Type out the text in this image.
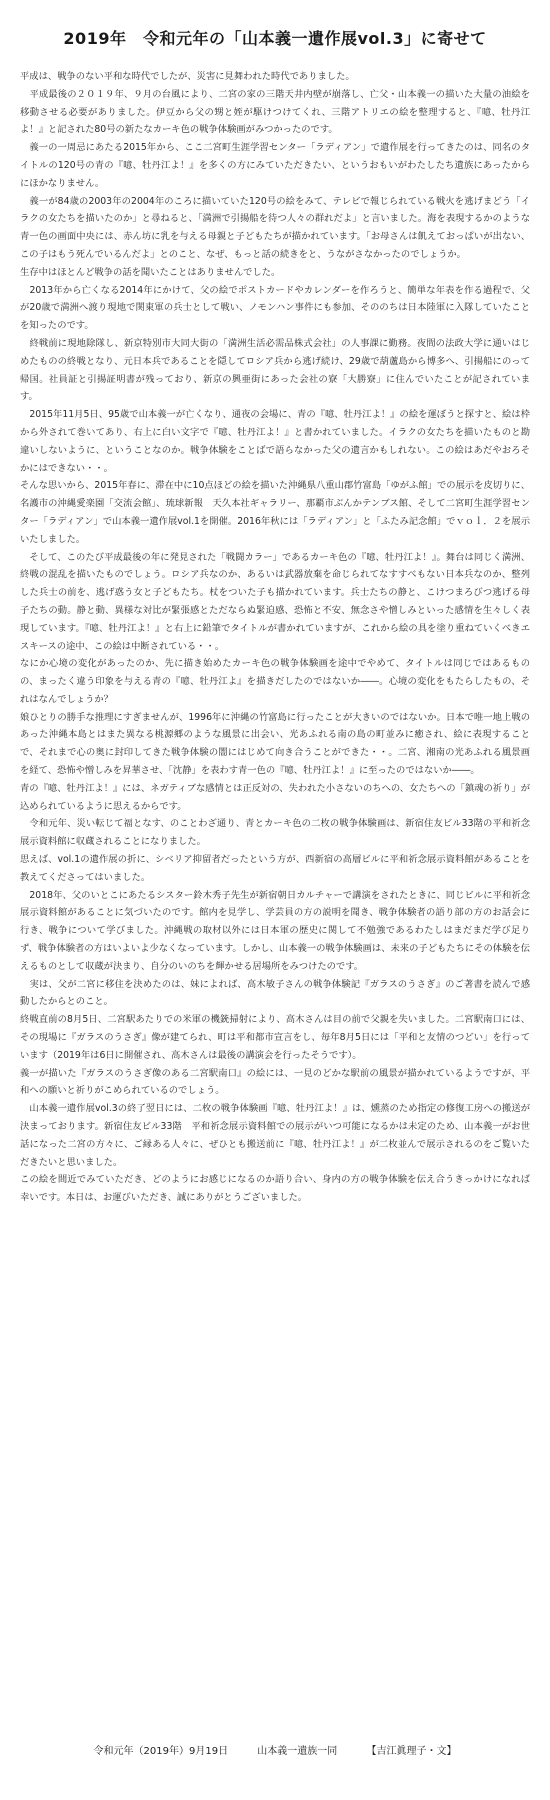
2019年　令和元年の「山本義一遺作展vol.3」に寄せて

平成は、戦争のない平和な時代でしたが、災害に見舞われた時代でありました。

　平成最後の２０１９年、９月の台風により、二宮の家の三階天井内壁が崩落し、亡父・山本義一の描いた大量の油絵を移動させる必要がありました。伊豆から父の甥と姪が駆けつけてくれ、三階アトリエの絵を整理すると、『噫、牡丹江よ！』と記された80号の新たなカーキ色の戦争体験画がみつかったのです。

　義一の一周忌にあたる2015年から、ここ二宮町生涯学習センター「ラディアン」で遺作展を行ってきたのは、同名のタイトルの120号の青の『噫、牡丹江よ！』を多くの方にみていただきたい、というおもいがわたしたち遺族にあったからにほかなりません。

　義一が84歳の2003年の2004年のころに描いていた120号の絵をみて、テレビで報じられている戦火を逃げまどう「イラクの女たちを描いたのか」と尋ねると、「満洲で引揚船を待つ人々の群れだよ」と言いました。海を表現するかのような青一色の画面中央には、赤ん坊に乳を与える母親と子どもたちが描かれています。「お母さんは飢えておっぱいが出ない、この子はもう死んでいるんだよ」とのこと、なぜ、もっと話の続きをと、うながさなかったのでしょうか。

生存中はほとんど戦争の話を聞いたことはありませんでした。

　2013年から亡くなる2014年にかけて、父の絵でポストカードやカレンダーを作ろうと、簡単な年表を作る過程で、父が20歳で満洲へ渡り現地で関東軍の兵士として戦い、ノモンハン事件にも参加、そののちは日本陸軍に入隊していたことを知ったのです。

　終戦前に現地除隊し、新京特別市大同大街の「満洲生活必需品株式会社」の人事課に勤務。夜間の法政大学に通いはじめたものの終戦となり、元日本兵であることを隠してロシア兵から逃げ続け、29歳で葫蘆島から博多へ、引揚船にのって帰国。社員証と引揚証明書が残っており、新京の興亜街にあった会社の寮「大勝寮」に住んでいたことが記されています。

　2015年11月5日、95歳で山本義一が亡くなり、通夜の会場に、青の『噫、牡丹江よ！』の絵を運ぼうと探すと、絵は枠から外されて巻いてあり、右上に白い文字で『噫、牡丹江よ！』と書かれていました。イラクの女たちを描いたものと勘違いしないように、ということなのか。戦争体験をことばで語らなかった父の遺言かもしれない。この絵はあだやおろそかにはできない・・。

そんな思いから、2015年春に、滞在中に10点ほどの絵を描いた沖縄県八重山郡竹富島「ゆがふ館」での展示を皮切りに、名護市の沖縄愛楽園「交流会館」、琉球新報　天久本社ギャラリー、那覇市ぶんかテンブス館、そして二宮町生涯学習センター「ラディアン」で山本義一遺作展vol.1を開催。2016年秋には「ラディアン」と「ふたみ記念館」でｖｏｌ．２を展示いたしました。

　そして、このたび平成最後の年に発見された「戦闘カラー」であるカーキ色の『噫、牡丹江よ！』。舞台は同じく満洲、終戦の混乱を描いたものでしょう。ロシア兵なのか、あるいは武器放棄を命じられてなすすべもない日本兵なのか、整列した兵士の前を、逃げ惑う女と子どもたち。杖をついた子も描かれています。兵士たちの静と、こけつまろびつ逃げる母子たちの動。静と動、異様な対比が緊張感とただならぬ緊迫感、恐怖と不安、無念さや憎しみといった感情を生々しく表現しています。『噫、牡丹江よ！』と右上に鉛筆でタイトルが書かれていますが、これから絵の具を塗り重ねていくべきエスキースの途中、この絵は中断されている・・。

なにか心境の変化があったのか、先に描き始めたカーキ色の戦争体験画を途中でやめて、タイトルは同じではあるものの、まったく違う印象を与える青の『噫、牡丹江よ』を描きだしたのではないか――。心境の変化をもたらしたもの、それはなんでしょうか？

娘ひとりの勝手な推理にすぎませんが、1996年に沖縄の竹富島に行ったことが大きいのではないか。日本で唯一地上戦のあった沖縄本島とはまた異なる桃源郷のような風景に出会い、光あふれる南の島の町並みに癒され、絵に表現することで、それまで心の奥に封印してきた戦争体験の闇にはじめて向き合うことができた・・。二宮、湘南の光あふれる風景画を経て、恐怖や憎しみを昇華させ、「沈静」を表わす青一色の『噫、牡丹江よ！』に至ったのではないか――。

青の『噫、牡丹江よ！』には、ネガティブな感情とは正反対の、失われた小さないのちへの、女たちへの「鎮魂の祈り」が込められているように思えるからです。

　令和元年、災い転じて福となす、のことわざ通り、青とカーキ色の二枚の戦争体験画は、新宿住友ビル33階の平和祈念展示資料館に収蔵されることになりました。

思えば、vol.1の遺作展の折に、シベリア抑留者だったという方が、西新宿の高層ビルに平和祈念展示資料館があることを教えてくださってはいました。

　2018年、父のいとこにあたるシスター鈴木秀子先生が新宿朝日カルチャーで講演をされたときに、同じビルに平和祈念展示資料館があることに気づいたのです。館内を見学し、学芸員の方の説明を聞き、戦争体験者の語り部の方のお話会に行き、戦争について学びました。沖縄戦の取材以外には日本軍の歴史に関して不勉強であるわたしはまだまだ学び足りず、戦争体験者の方はいよいよ少なくなっています。しかし、山本義一の戦争体験画は、未来の子どもたちにその体験を伝えるものとして収蔵が決まり、自分のいのちを輝かせる居場所をみつけたのです。

　実は、父が二宮に移住を決めたのは、妹によれば、高木敏子さんの戦争体験記『ガラスのうさぎ』のご著書を読んで感動したからとのこと。

終戦直前の8月5日、二宮駅あたりでの米軍の機銃掃射により、高木さんは目の前で父親を失いました。二宮駅南口には、その現場に『ガラスのうさぎ』像が建てられ、町は平和都市宣言をし、毎年8月5日には「平和と友情のつどい」を行っています（2019年は6日に開催され、高木さんは最後の講演会を行ったそうです）。

義一が描いた『ガラスのうさぎ像のある二宮駅南口』の絵には、一見のどかな駅前の風景が描かれているようですが、平和への願いと祈りがこめられているのでしょう。

　山本義一遺作展vol.3の終了翌日には、二枚の戦争体験画『噫、牡丹江よ！』は、燻蒸のため指定の修復工房への搬送が決まっております。新宿住友ビル33階　平和祈念展示資料館での展示がいつ可能になるかは未定のため、山本義一がお世話になった二宮の方々に、ご縁ある人々に、ぜひとも搬送前に『噫、牡丹江よ！』が二枚並んで展示されるのをご覧いただきたいと思いました。

この絵を間近でみていただき、どのようにお感じになるのか語り合い、身内の方の戦争体験を伝え合うきっかけになれば幸いです。本日は、お運びいただき、誠にありがとうございました。

令和元年（2019年）9月19日	山本義一遺族一同	【吉江眞理子・文】
